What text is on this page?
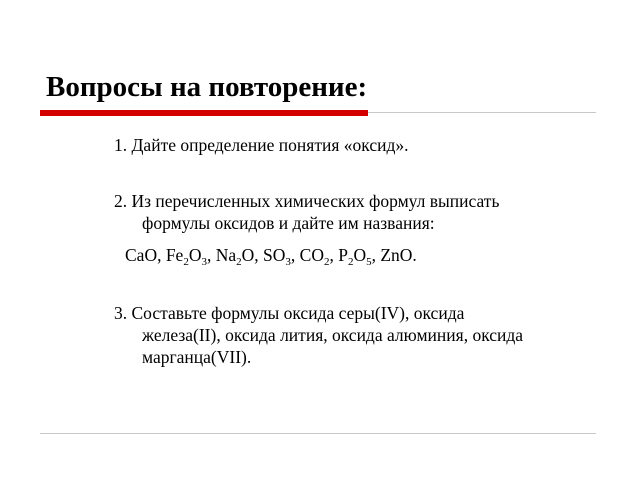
Вопросы на повторение:
1. Дайте определение понятия «оксид».
2. Из перечисленных химических формул выписать
формулы оксидов и дайте им названия:
CaO, $Fe_2O_3$, $Na_2O$, $SO_3$, $CO_2$, $P_2O_5$, ZnO.
3. Составьте формулы оксида серы(IV), оксида
железа(II), оксида лития, оксида алюминия, оксида
марганца(VII).
